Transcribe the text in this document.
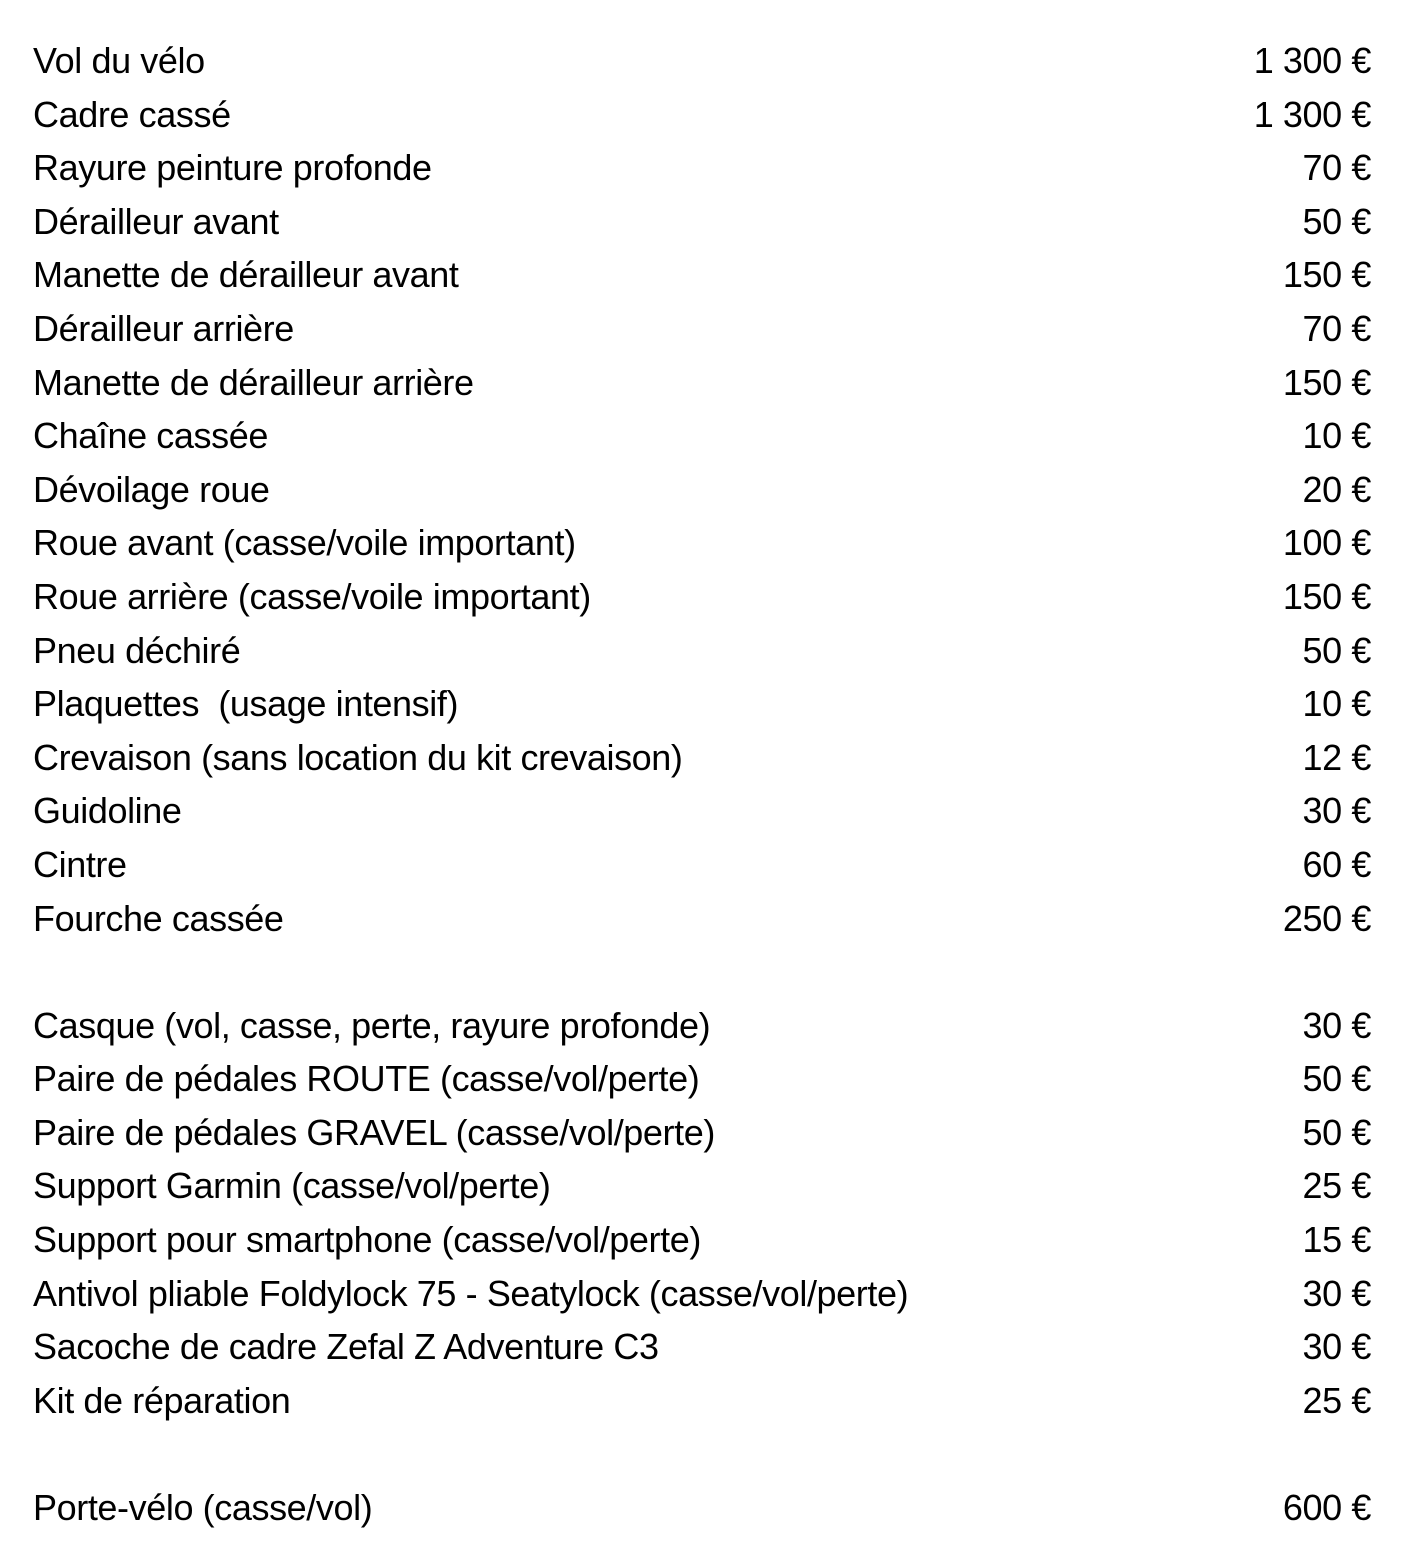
Vol du vélo	1 300 €
Cadre cassé	1 300 €
Rayure peinture profonde	70 €
Dérailleur avant	50 €
Manette de dérailleur avant	150 €
Dérailleur arrière	70 €
Manette de dérailleur arrière	150 €
Chaîne cassée	10 €
Dévoilage roue	20 €
Roue avant (casse/voile important)	100 €
Roue arrière (casse/voile important)	150 €
Pneu déchiré	50 €
Plaquettes  (usage intensif)	10 €
Crevaison (sans location du kit crevaison)	12 €
Guidoline	30 €
Cintre	60 €
Fourche cassée	250 €
Casque (vol, casse, perte, rayure profonde)	30 €
Paire de pédales ROUTE (casse/vol/perte)	50 €
Paire de pédales GRAVEL (casse/vol/perte)	50 €
Support Garmin (casse/vol/perte)	25 €
Support pour smartphone (casse/vol/perte)	15 €
Antivol pliable Foldylock 75 - Seatylock (casse/vol/perte)	30 €
Sacoche de cadre Zefal Z Adventure C3	30 €
Kit de réparation	25 €
Porte-vélo (casse/vol)	600 €
